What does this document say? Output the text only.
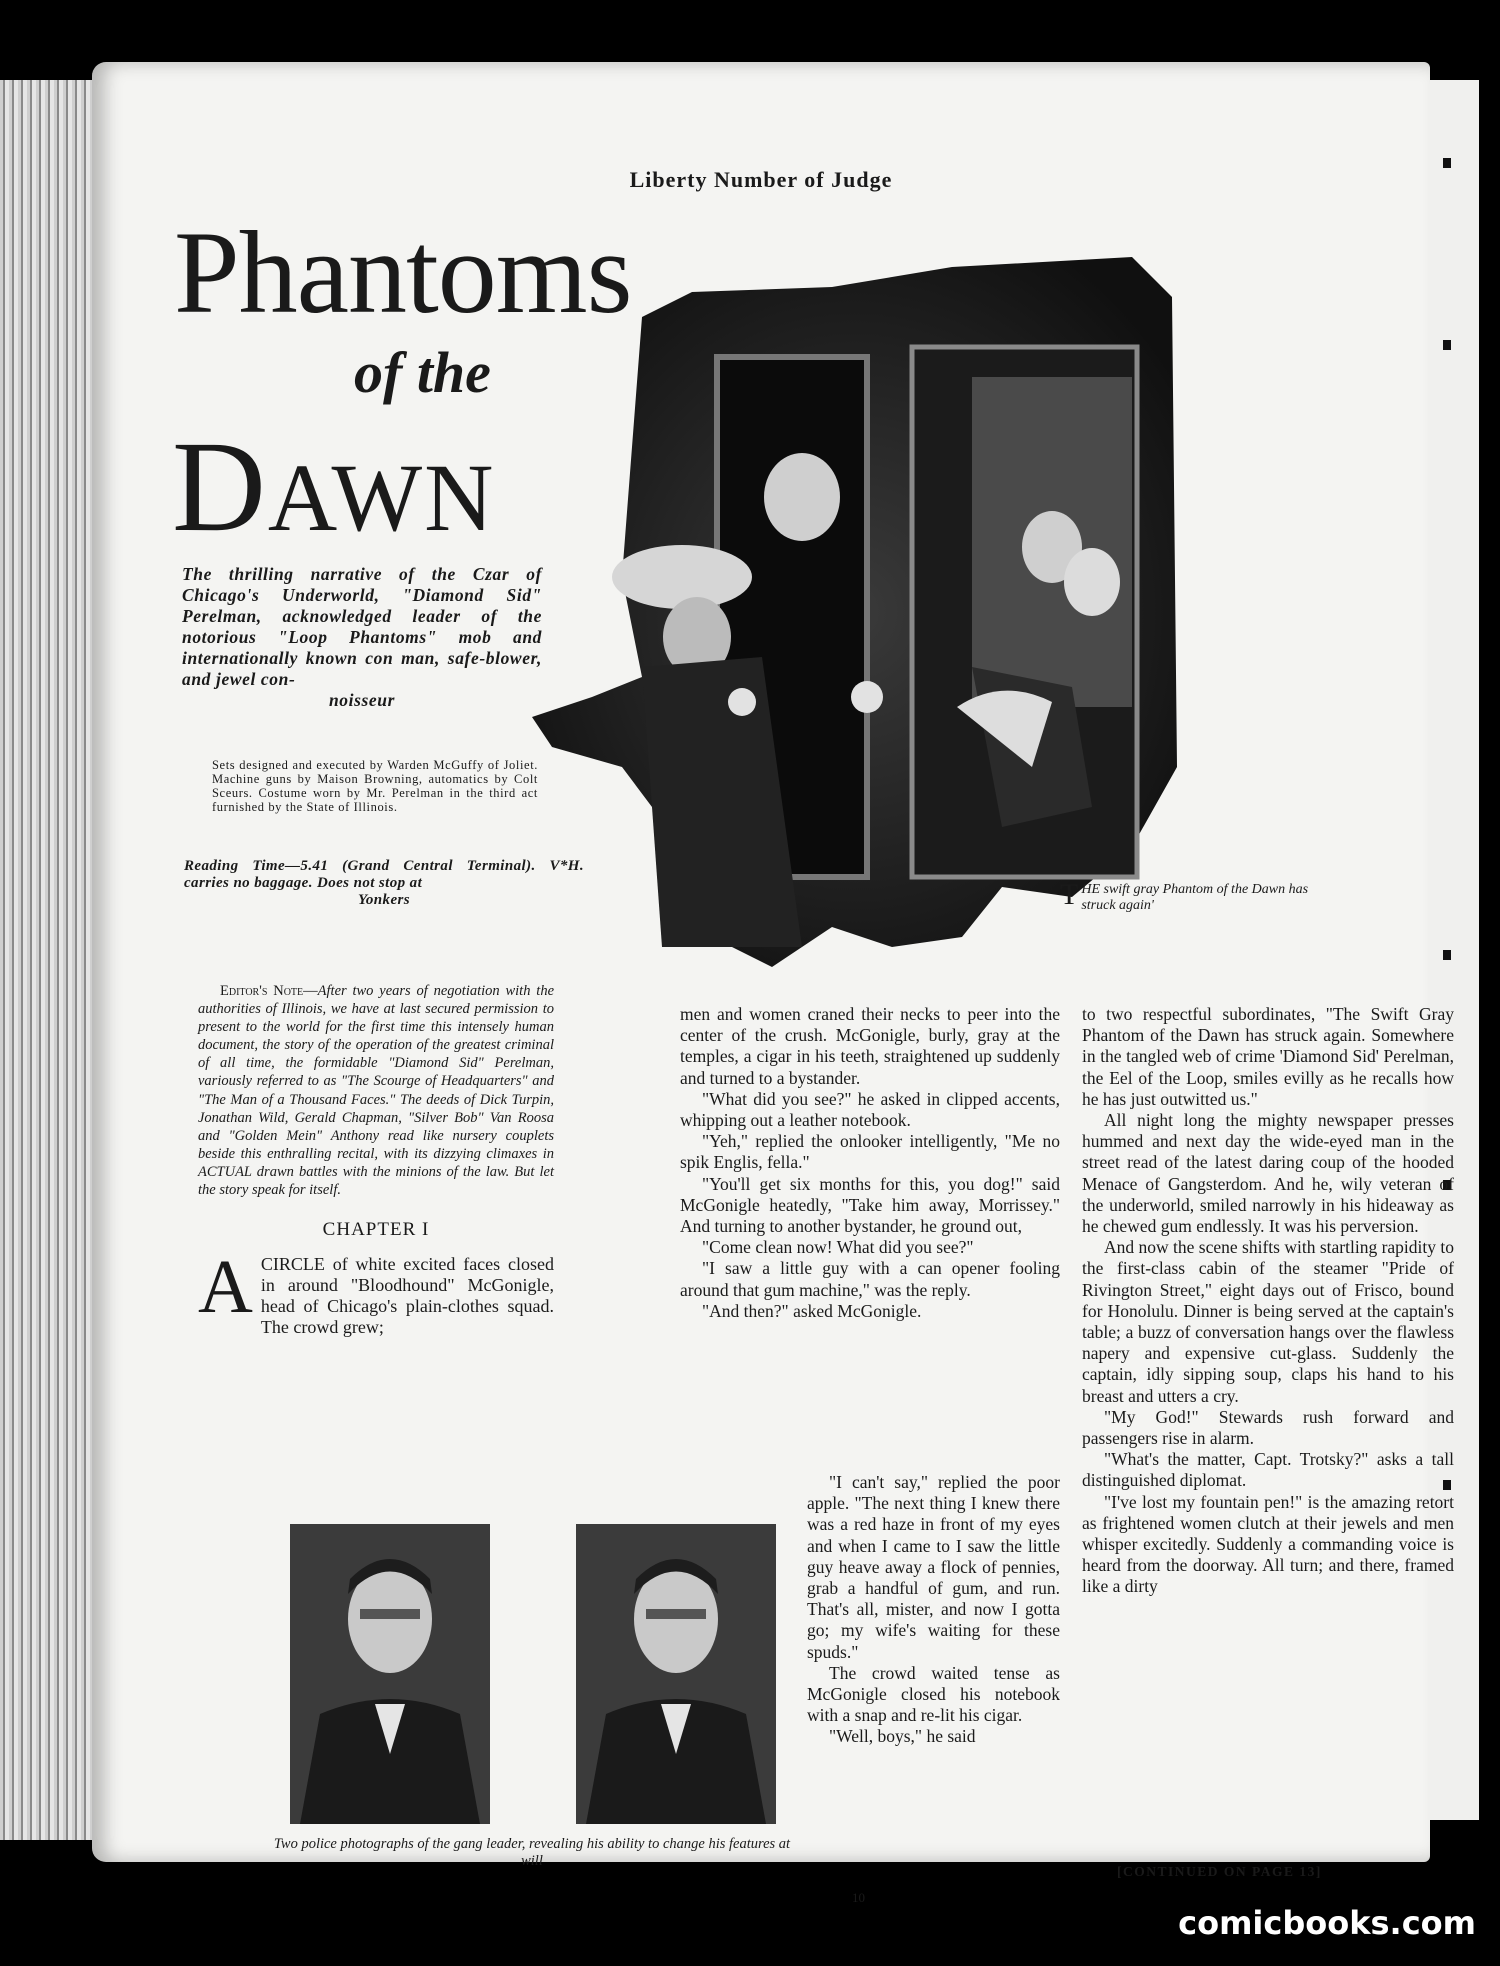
Liberty Number of Judge
Phantoms
of the
DAWN
The thrilling narrative of the Czar of Chicago's Underworld, "Diamond Sid" Perelman, acknowledged leader of the notorious "Loop Phantoms" mob and internationally known con man, safe-blower, and jewel con-
noisseur
Sets designed and executed by Warden McGuffy of Joliet. Machine guns by Maison Browning, automatics by Colt Sceurs. Costume worn by Mr. Perelman in the third act furnished by the State of Illinois.
Reading Time—5.41 (Grand Central Terminal). V*H. carries no baggage. Does not stop at
Yonkers	T HE swift gray Phantom of the Dawn has struck again'

Editor's Note—After two years of negotiation with the authorities of Illinois, we have at last secured permission to present to the world for the first time this intensely human document, the story of the operation of the greatest criminal of all time, the formidable "Diamond Sid" Perelman, variously referred to as "The Scourge of Headquarters" and "The Man of a Thousand Faces." The deeds of Dick Turpin, Jonathan Wild, Gerald Chapman, "Silver Bob" Van Roosa and "Golden Mein" Anthony read like nursery couplets beside this enthralling recital, with its dizzying climaxes in ACTUAL drawn battles with the minions of the law. But let the story speak for itself.

CHAPTER I

ACIRCLE of white excited faces closed in around "Bloodhound" McGonigle, head of Chicago's plain-clothes squad. The crowd grew;

men and women craned their necks to peer into the center of the crush. McGonigle, burly, gray at the temples, a cigar in his teeth, straightened up suddenly and turned to a bystander.

"What did you see?" he asked in clipped accents, whipping out a leather notebook.

"Yeh," replied the onlooker intelligently, "Me no spik Englis, fella."

"You'll get six months for this, you dog!" said McGonigle heatedly, "Take him away, Morrissey." And turning to another bystander, he ground out,

"Come clean now! What did you see?"

"I saw a little guy with a can opener fooling around that gum machine," was the reply.

"And then?" asked McGonigle.

"I can't say," replied the poor apple. "The next thing I knew there was a red haze in front of my eyes and when I came to I saw the little guy heave away a flock of pennies, grab a handful of gum, and run. That's all, mister, and now I gotta go; my wife's waiting for these spuds."

The crowd waited tense as McGonigle closed his notebook with a snap and re-lit his cigar.

"Well, boys," he said

to two respectful subordinates, "The Swift Gray Phantom of the Dawn has struck again. Somewhere in the tangled web of crime 'Diamond Sid' Perelman, the Eel of the Loop, smiles evilly as he recalls how he has just outwitted us."

All night long the mighty newspaper presses hummed and next day the wide-eyed man in the street read of the latest daring coup of the hooded Menace of Gangsterdom. And he, wily veteran of the underworld, smiled narrowly in his hideaway as he chewed gum endlessly. It was his perversion.

And now the scene shifts with startling rapidity to the first-class cabin of the steamer "Pride of Rivington Street," eight days out of Frisco, bound for Honolulu. Dinner is being served at the captain's table; a buzz of conversation hangs over the flawless napery and expensive cut-glass. Suddenly the captain, idly sipping soup, claps his hand to his breast and utters a cry.

"My God!" Stewards rush forward and passengers rise in alarm.

"What's the matter, Capt. Trotsky?" asks a tall distinguished diplomat.

"I've lost my fountain pen!" is the amazing retort as frightened women clutch at their jewels and men whisper excitedly. Suddenly a commanding voice is heard from the doorway. All turn; and there, framed like a dirty

[CONTINUED ON PAGE 13]
Two police photographs of the gang leader, revealing his ability to change his features at will
10
comicbooks.com
